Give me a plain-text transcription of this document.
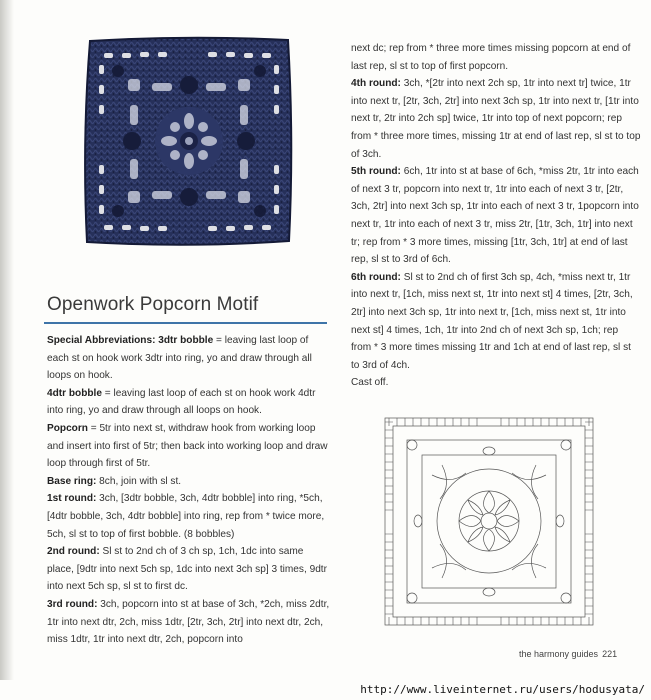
Openwork Popcorn Motif

Special Abbreviations: 3dtr bobble = leaving last loop of each st on hook work 3dtr into ring, yo and draw through all loops on hook.

4dtr bobble = leaving last loop of each st on hook work 4dtr into ring, yo and draw through all loops on hook.

Popcorn = 5tr into next st, withdraw hook from working loop and insert into first of 5tr; then back into working loop and draw loop through first of 5tr.

Base ring: 8ch, join with sl st.

1st round: 3ch, [3dtr bobble, 3ch, 4dtr bobble] into ring, *5ch, [4dtr bobble, 3ch, 4dtr bobble] into ring, rep from * twice more, 5ch, sl st to top of first bobble. (8 bobbles)

2nd round: Sl st to 2nd ch of 3 ch sp, 1ch, 1dc into same place, [9dtr into next 5ch sp, 1dc into next 3ch sp] 3 times, 9dtr into next 5ch sp, sl st to first dc.

3rd round: 3ch, popcorn into st at base of 3ch, *2ch, miss 2dtr, 1tr into next dtr, 2ch, miss 1dtr, [2tr, 3ch, 2tr] into next dtr, 2ch, miss 1dtr, 1tr into next dtr, 2ch, popcorn into

next dc; rep from * three more times missing popcorn at end of last rep, sl st to top of first popcorn.

4th round: 3ch, *[2tr into next 2ch sp, 1tr into next tr] twice, 1tr into next tr, [2tr, 3ch, 2tr] into next 3ch sp, 1tr into next tr, [1tr into next tr, 2tr into 2ch sp] twice, 1tr into top of next popcorn; rep from * three more times, missing 1tr at end of last rep, sl st to top of 3ch.

5th round: 6ch, 1tr into st at base of 6ch, *miss 2tr, 1tr into each of next 3 tr, popcorn into next tr, 1tr into each of next 3 tr, [2tr, 3ch, 2tr] into next 3ch sp, 1tr into each of next 3 tr, 1popcorn into next tr, 1tr into each of next 3 tr, miss 2tr, [1tr, 3ch, 1tr] into next tr; rep from * 3 more times, missing [1tr, 3ch, 1tr] at end of last rep, sl st to 3rd of 6ch.

6th round: Sl st to 2nd ch of first 3ch sp, 4ch, *miss next tr, 1tr into next tr, [1ch, miss next st, 1tr into next st] 4 times, [2tr, 3ch, 2tr] into next 3ch sp, 1tr into next tr, [1ch, miss next st, 1tr into next st] 4 times, 1ch, 1tr into 2nd ch of next 3ch sp, 1ch; rep from * 3 more times missing 1tr and 1ch at end of last rep, sl st to 3rd of 4ch.

Cast off.

the harmony guides 221
http://www.liveinternet.ru/users/hodusyata/
